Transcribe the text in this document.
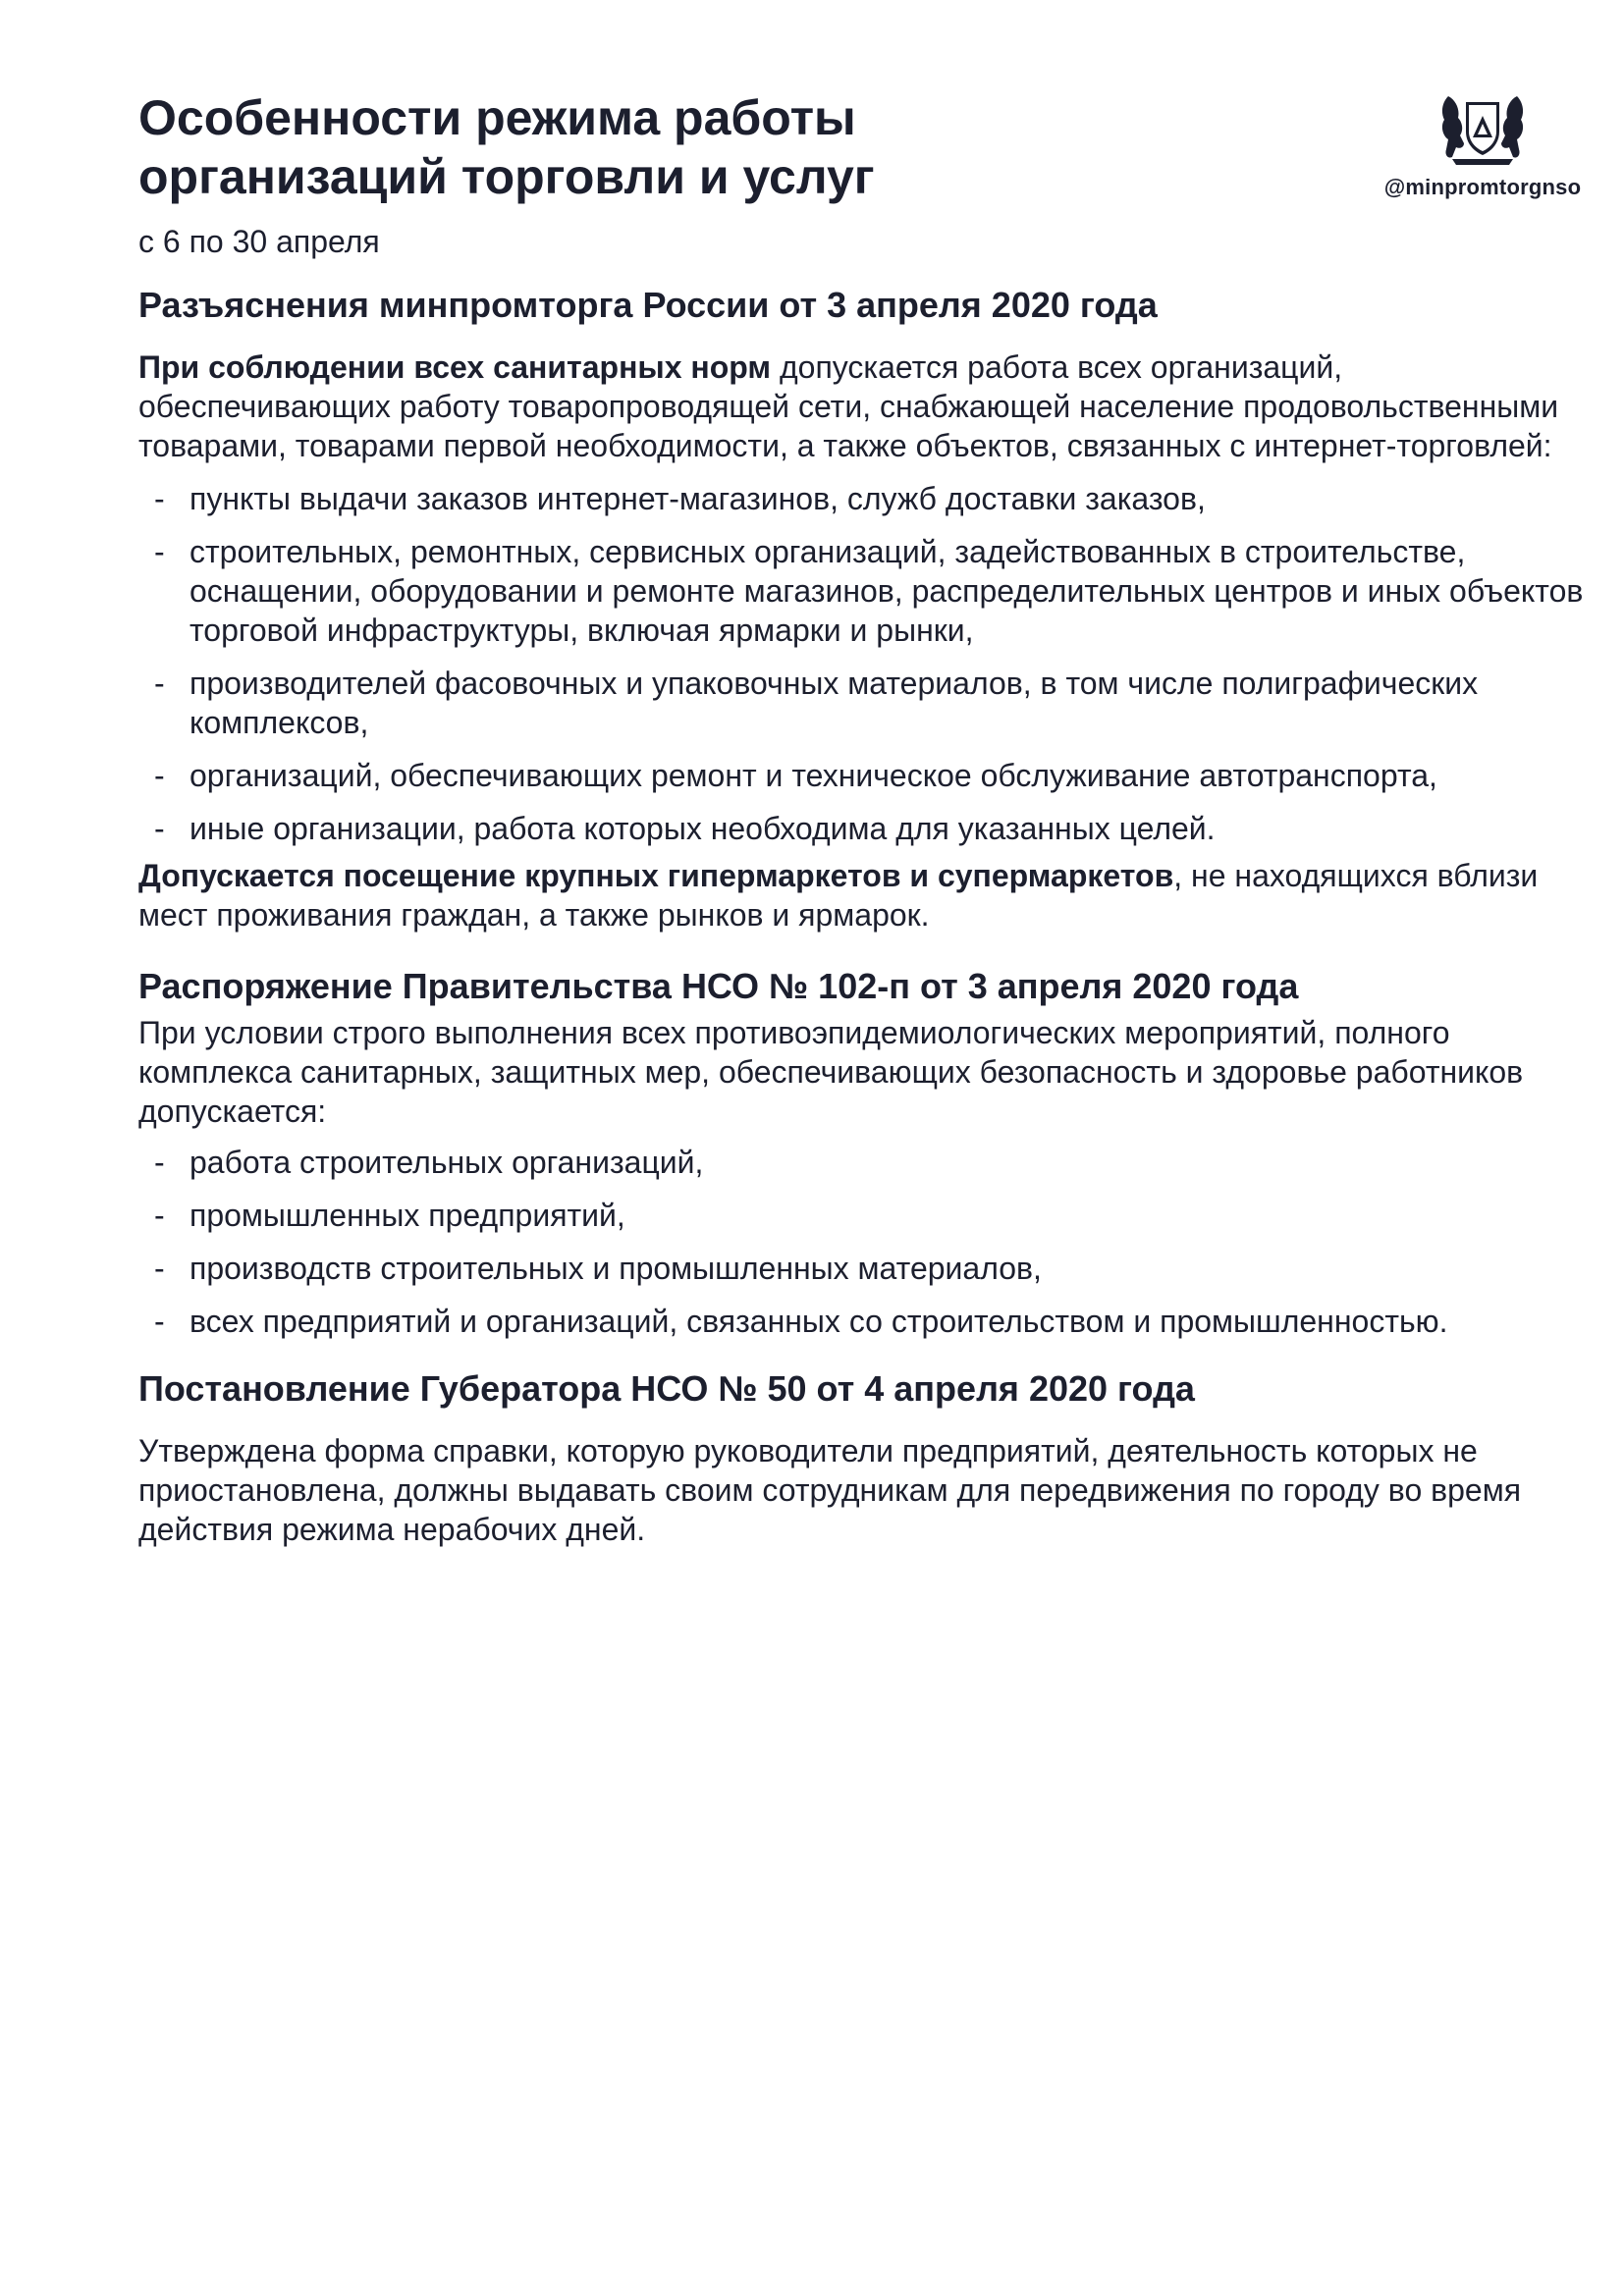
Особенности режима работы
организаций торговли и услуг

с 6 по 30 апреля

@minpromtorgnso
Разъяснения минпромторга России от 3 апреля 2020 года

При соблюдении всех санитарных норм допускается работа всех организаций, обеспечивающих работу товаропроводящей сети, снабжающей население продовольственными товарами, товарами первой необходимости, а также объектов, связанных с интернет-торговлей:

- пункты выдачи заказов интернет-магазинов, служб доставки заказов,
- строительных, ремонтных, сервисных организаций, задействованных в строительстве, оснащении, оборудовании и ремонте магазинов, распределительных центров и иных объектов торговой инфраструктуры, включая ярмарки и рынки,
- производителей фасовочных и упаковочных материалов, в том числе полиграфических комплексов,
- организаций, обеспечивающих ремонт и техническое обслуживание автотранспорта,
- иные организации, работа которых необходима для указанных целей.

Допускается посещение крупных гипермаркетов и супермаркетов, не находящихся вблизи мест проживания граждан, а также рынков и ярмарок.

Распоряжение Правительства НСО № 102-п от 3 апреля 2020 года

При условии строго выполнения всех противоэпидемиологических мероприятий, полного комплекса санитарных, защитных мер, обеспечивающих безопасность и здоровье работников допускается:

- работа строительных организаций,
- промышленных предприятий,
- производств строительных и промышленных материалов,
- всех предприятий и организаций, связанных со строительством и промышленностью.
Постановление Губератора НСО № 50 от 4 апреля 2020 года

Утверждена форма справки, которую руководители предприятий, деятельность которых не приостановлена, должны выдавать своим сотрудникам для передвижения по городу во время действия режима нерабочих дней.
